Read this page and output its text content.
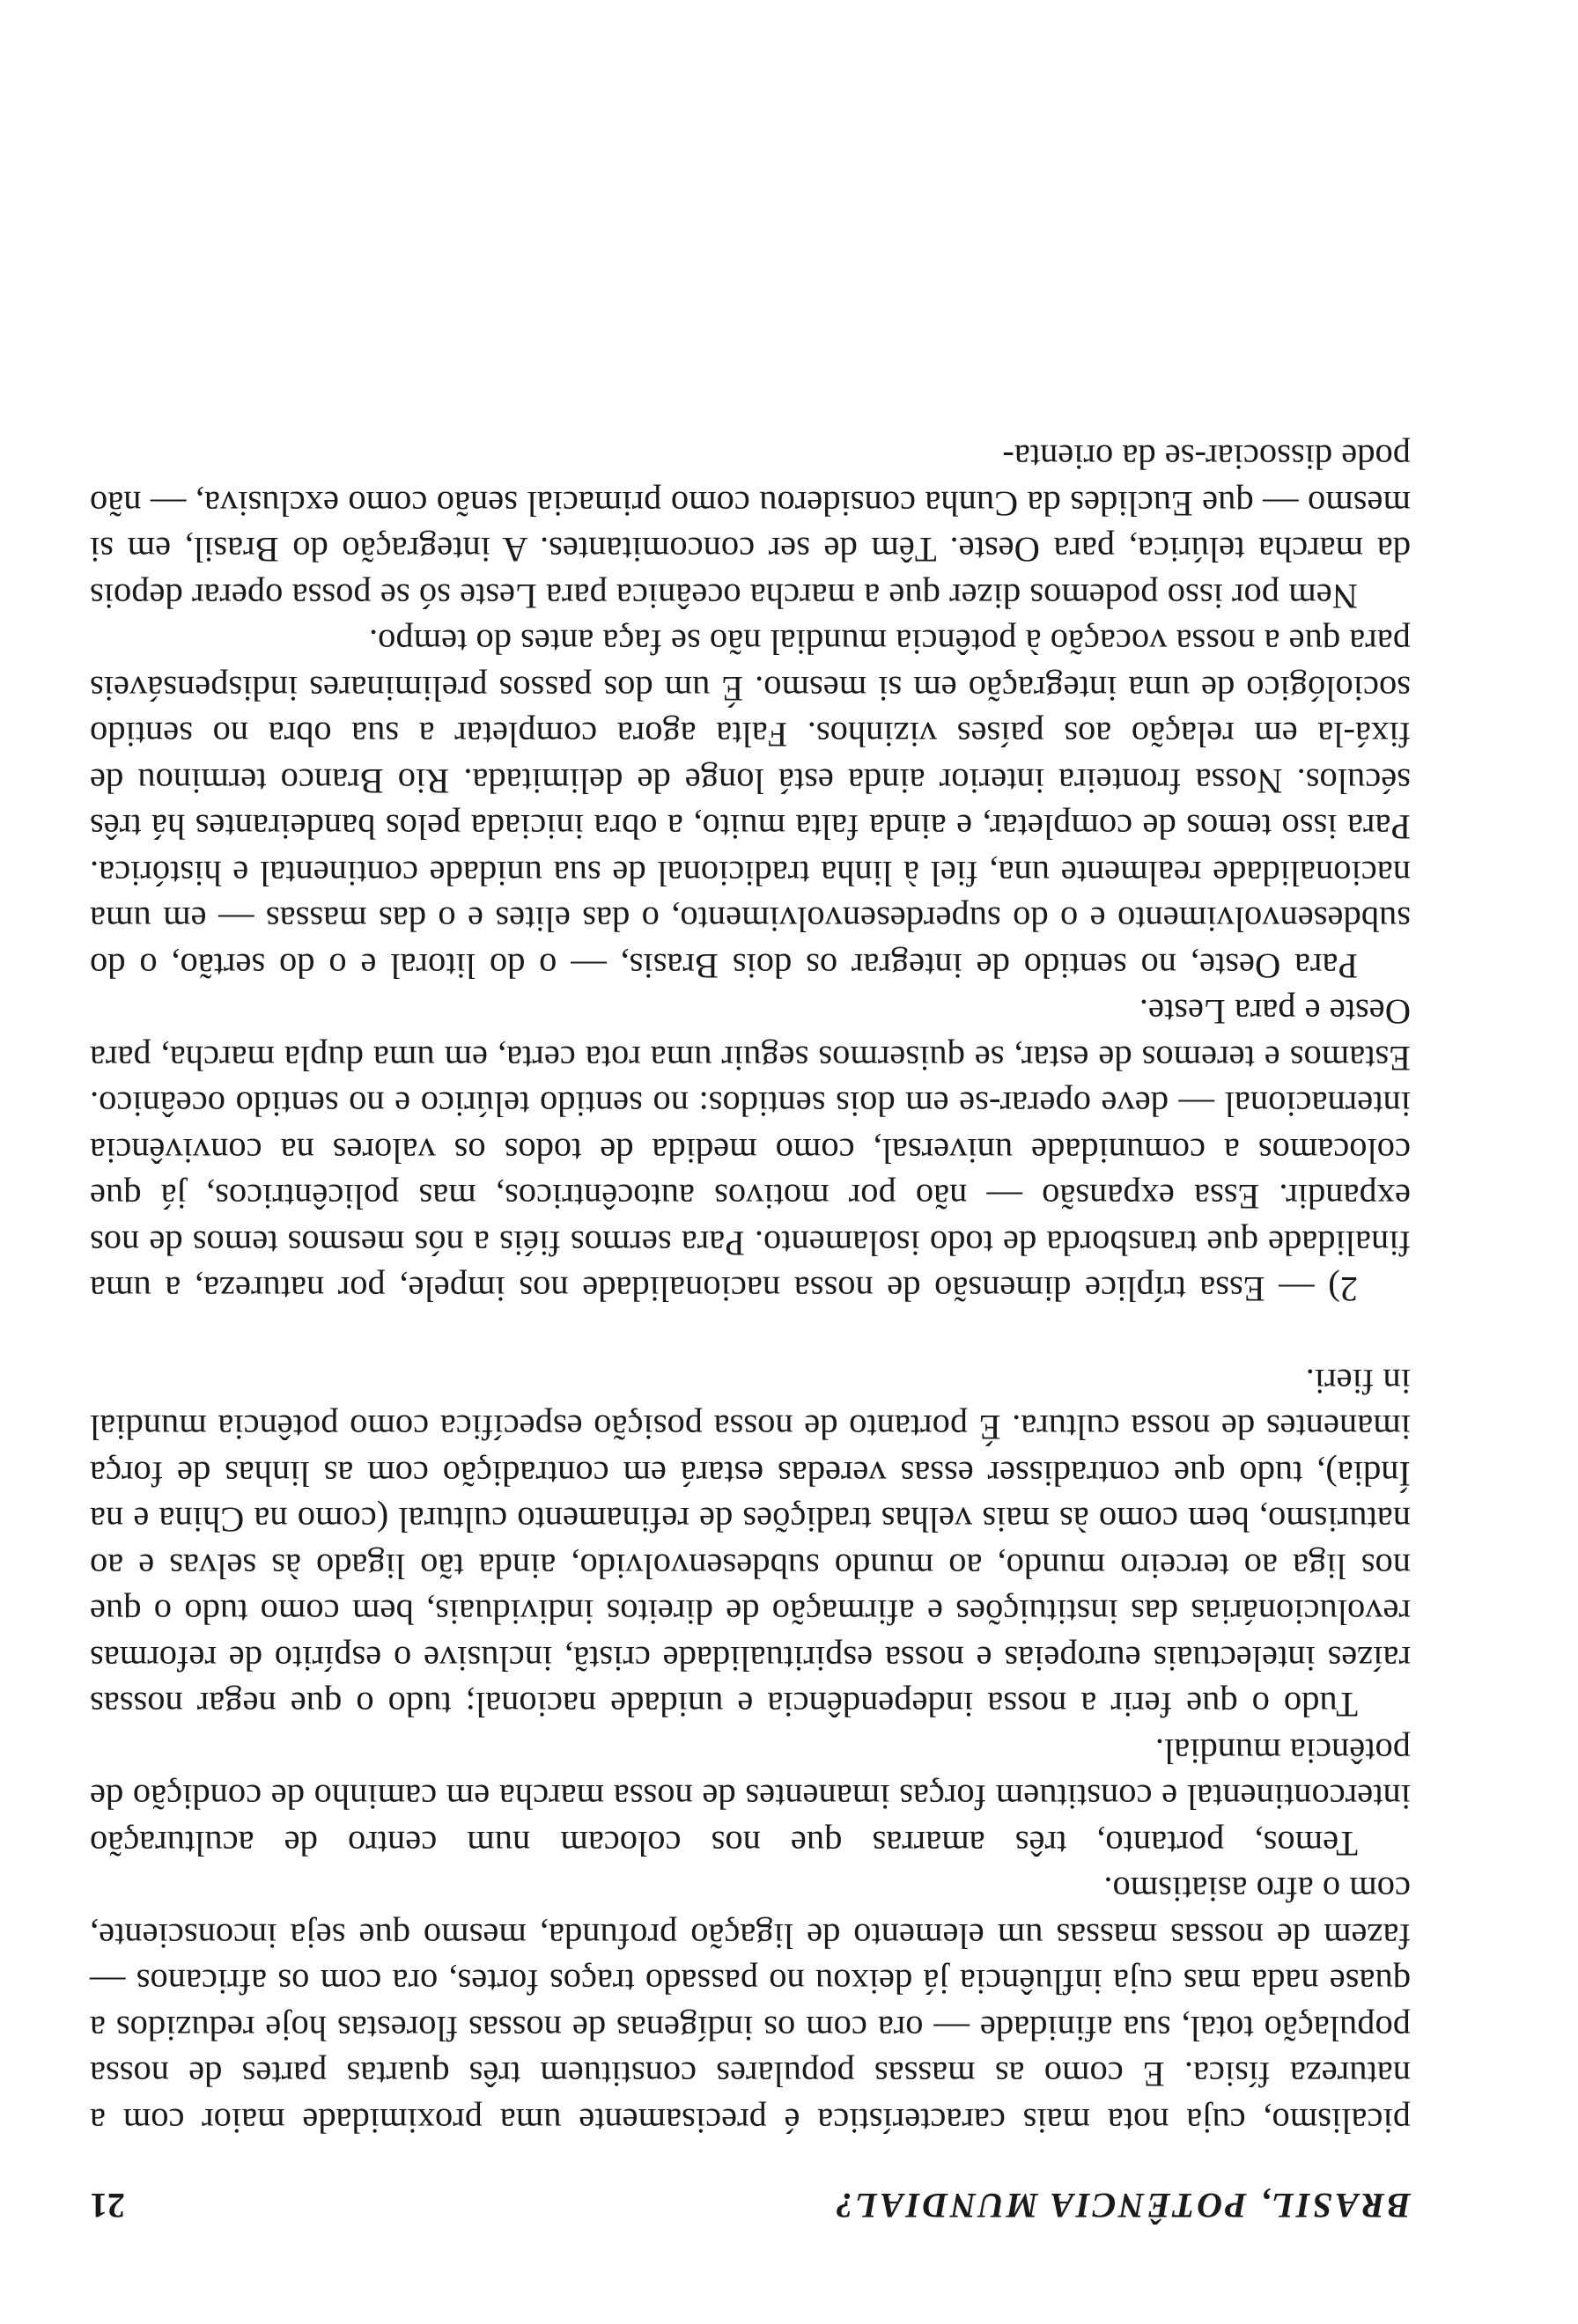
BRASIL, POTÊNCIA MUNDIAL?
21

picalismo, cuja nota mais característica é precisamente uma proximidade maior com a natureza física. E como as massas populares constituem três quartas partes de nossa população total, sua afinidade — ora com os indígenas de nossas florestas hoje reduzidos a quase nada mas cuja influência já deixou no passado traços fortes, ora com os africanos — fazem de nossas massas um elemento de ligação profunda, mesmo que seja inconsciente, com o afro asiatismo.

Temos, portanto, três amarras que nos colocam num centro de aculturação intercontinental e constituem forças imanentes de nossa marcha em caminho de condição de potência mundial.

Tudo o que ferir a nossa independência e unidade nacional; tudo o que negar nossas raízes intelectuais europeias e nossa espiritualidade cristã, inclusive o espírito de reformas revolucionárias das instituições e afirmação de direitos individuais, bem como tudo o que nos liga ao terceiro mundo, ao mundo subdesenvolvido, ainda tão ligado às selvas e ao naturismo, bem como às mais velhas tradições de refinamento cultural (como na China e na Índia), tudo que contradisser essas veredas estará em contradição com as linhas de força imanentes de nossa cultura. É portanto de nossa posição específica como potência mundial in fieri.

2) — Essa tríplice dimensão de nossa nacionalidade nos impele, por natureza, a uma finalidade que transborda de todo isolamento. Para sermos fiéis a nós mesmos temos de nos expandir. Essa expansão — não por motivos autocêntricos, mas policêntricos, já que colocamos a comunidade universal, como medida de todos os valores na convivência internacional — deve operar-se em dois sentidos: no sentido telúrico e no sentido oceânico. Estamos e teremos de estar, se quisermos seguir uma rota certa, em uma dupla marcha, para Oeste e para Leste.

Para Oeste, no sentido de integrar os dois Brasis, — o do litoral e o do sertão, o do subdesenvolvimento e o do superdesenvolvimento, o das elites e o das massas — em uma nacionalidade realmente una, fiel à linha tradicional de sua unidade continental e histórica. Para isso temos de completar, e ainda falta muito, a obra iniciada pelos bandeirantes há três séculos. Nossa fronteira interior ainda está longe de delimitada. Rio Branco terminou de fixá-la em relação aos países vizinhos. Falta agora completar a sua obra no sentido sociológico de uma integração em si mesmo. É um dos passos preliminares indispensáveis para que a nossa vocação à potência mundial não se faça antes do tempo.

Nem por isso podemos dizer que a marcha oceânica para Leste só se possa operar depois da marcha telúrica, para Oeste. Têm de ser concomitantes. A integração do Brasil, em si mesmo — que Euclides da Cunha considerou como primacial senão como exclusiva, — não pode dissociar-se da orienta-
